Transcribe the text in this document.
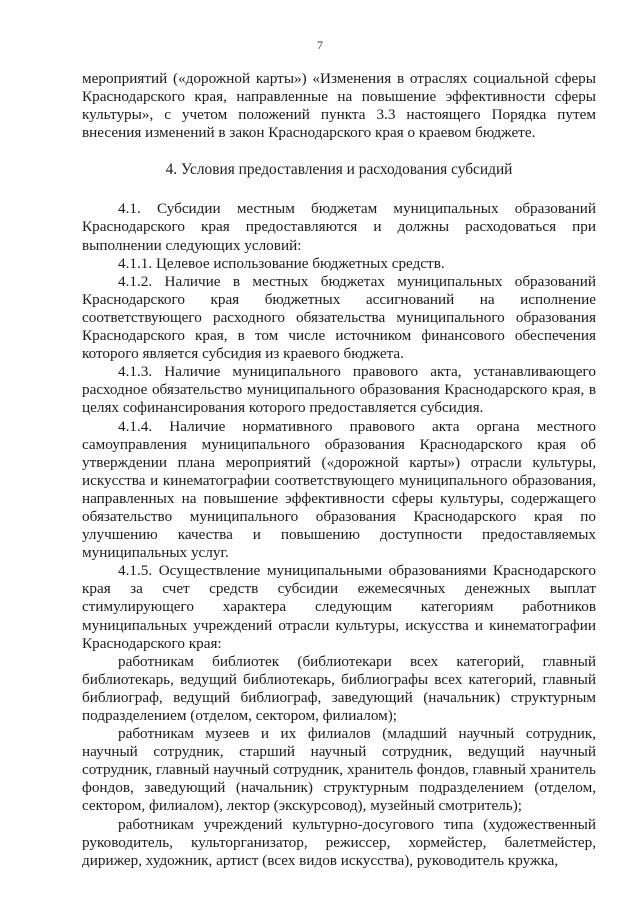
7

мероприятий («дорожной карты») «Изменения в отраслях социальной сферы Краснодарского края, направленные на повышение эффективности сферы культуры», с учетом положений пункта 3.3 настоящего Порядка путем внесения изменений в закон Краснодарского края о краевом бюджете.

4. Условия предоставления и расходования субсидий

4.1. Субсидии местным бюджетам муниципальных образований Краснодарского края предоставляются и должны расходоваться при выполнении следующих условий:

4.1.1. Целевое использование бюджетных средств.

4.1.2. Наличие в местных бюджетах муниципальных образований Краснодарского края бюджетных ассигнований на исполнение соответствующего расходного обязательства муниципального образования Краснодарского края, в том числе источником финансового обеспечения которого является субсидия из краевого бюджета.

4.1.3. Наличие муниципального правового акта, устанавливающего расходное обязательство муниципального образования Краснодарского края, в целях софинансирования которого предоставляется субсидия.

4.1.4. Наличие нормативного правового акта органа местного самоуправления муниципального образования Краснодарского края об утверждении плана мероприятий («дорожной карты») отрасли культуры, искусства и кинематографии соответствующего муниципального образования, направленных на повышение эффективности сферы культуры, содержащего обязательство муниципального образования Краснодарского края по улучшению качества и повышению доступности предоставляемых муниципальных услуг.

4.1.5. Осуществление муниципальными образованиями Краснодарского края за счет средств субсидии ежемесячных денежных выплат стимулирующего характера следующим категориям работников муниципальных учреждений отрасли культуры, искусства и кинематографии Краснодарского края:

работникам библиотек (библиотекари всех категорий, главный библиотекарь, ведущий библиотекарь, библиографы всех категорий, главный библиограф, ведущий библиограф, заведующий (начальник) структурным подразделением (отделом, сектором, филиалом);

работникам музеев и их филиалов (младший научный сотрудник, научный сотрудник, старший научный сотрудник, ведущий научный сотрудник, главный научный сотрудник, хранитель фондов, главный хранитель фондов, заведующий (начальник) структурным подразделением (отделом, сектором, филиалом), лектор (экскурсовод), музейный смотритель);

работникам учреждений культурно-досугового типа (художественный руководитель, культорганизатор, режиссер, хормейстер, балетмейстер, дирижер, художник, артист (всех видов искусства), руководитель кружка,
